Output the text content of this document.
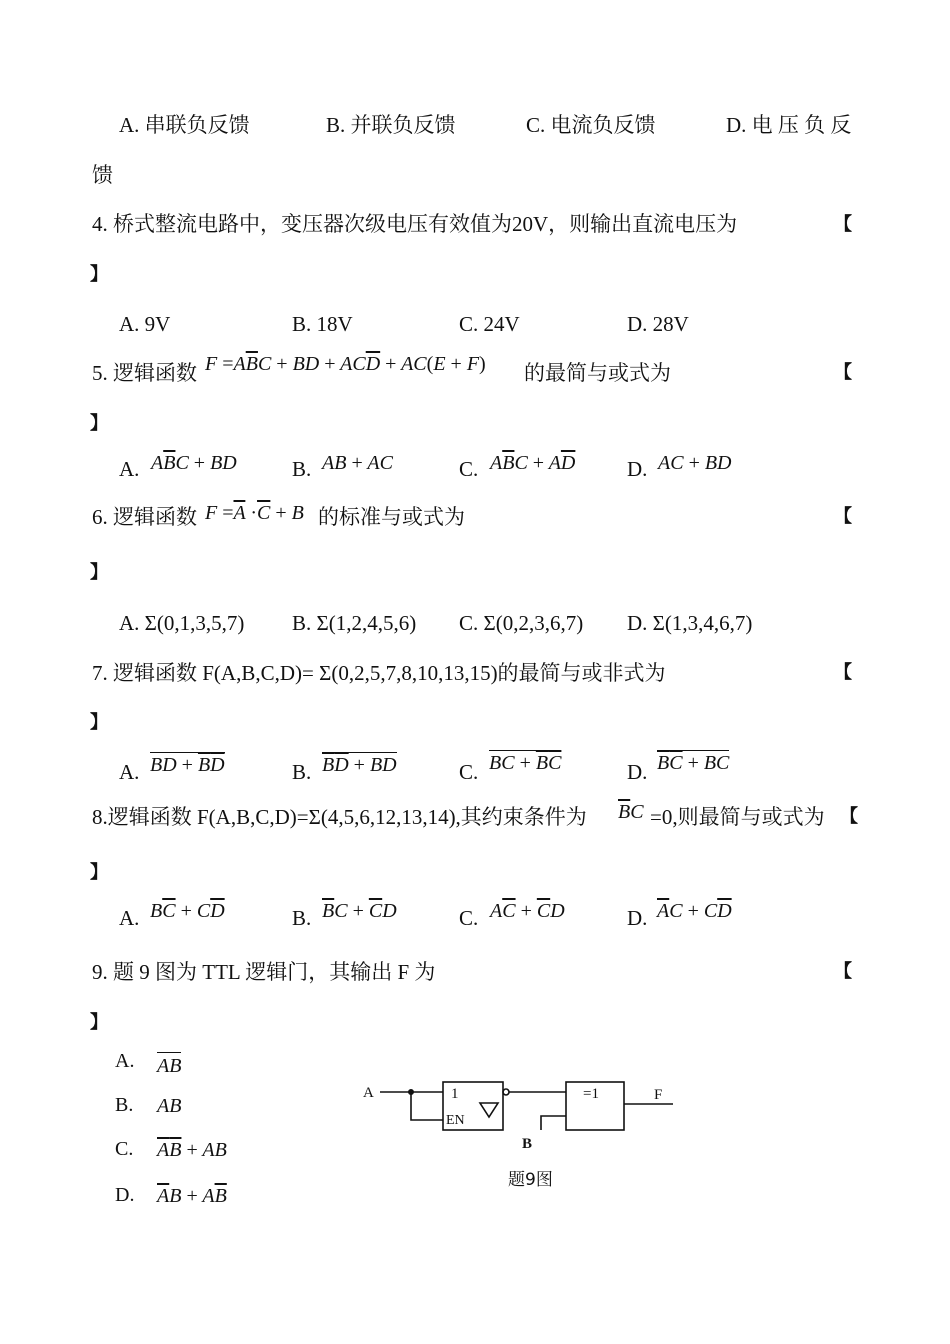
A. 串联负反馈	B. 并联负反馈	C. 电流负反馈	D. 电 压 负 反
馈
4. 桥式整流电路中，变压器次级电压有效值为20V，则输出直流电压为	【
】
A. 9V	B. 18V	C. 24V	D. 28V
5. 逻辑函数 $F =A\overline{B}C$ + BD + $AC\overline{D} + AC(E + F)$ 的最简与或式为	【
】
A. $A\overline{B}C$ + BD	B. AB + AC	C. $A\overline{B}C + A\overline{D}$ D. AC + BD
6. 逻辑函数 $F =\overline{A} \cdot\overline{C} + B$ 的标准与或式为	【
】
A. Σ(0,1,3,5,7) B. Σ(1,2,4,5,6) C. Σ(0,2,3,6,7) D. Σ(1,3,4,6,7)
7. 逻辑函数 F(A,B,C,D)= Σ(0,2,5,7,8,10,13,15)的最简与或非式为	【
】
A. BD + $\overline{B}\overline{D}$	B. $\overline{B}\overline{D}$ + BD	C. BC + $\overline{B}\overline{C}$	D. $\overline{B}\overline{C}$ + BC
8.逻辑函数 F(A,B,C,D)=Σ(4,5,6,12,13,14),其约束条件为 $\overline{B}C =0$,则最简与或式为 【
】
A. $B\overline{C} + C\overline{D}$	B. $\overline{B}C + \overline{C}D$	C. $A\overline{C} + \overline{C}D$	D. $\overline{A}C + C\overline{D}$
9. 题 9 图为 TTL 逻辑门，其输出 F 为	【
】
A. AB
B. AB
C. $\overline{A}\overline{B}$ + AB
D. $\overline{A}B + A\overline{B}$
A	1
EN
=1
B
F
题9图
